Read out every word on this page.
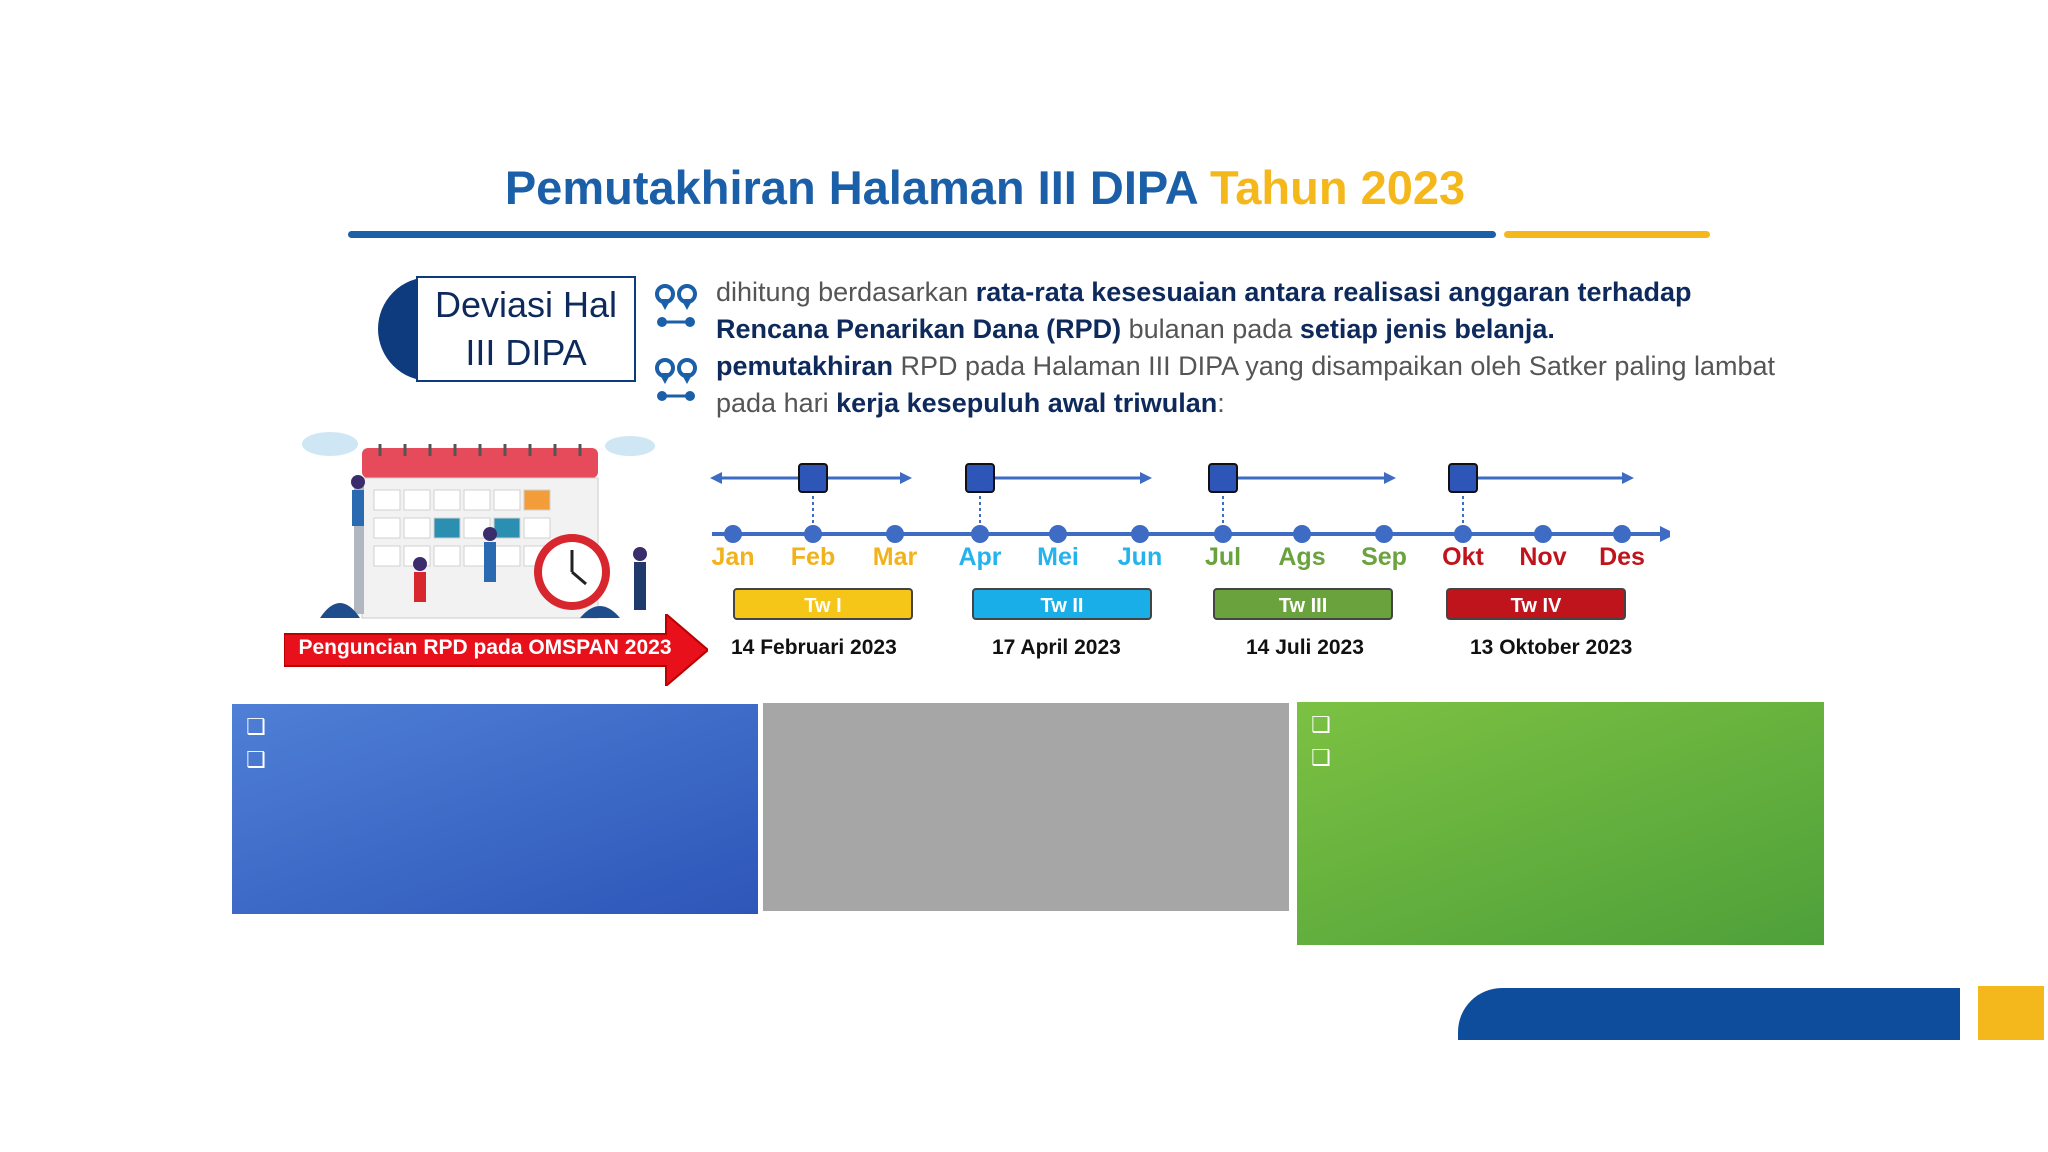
Pemutakhiran Halaman III DIPA Tahun 2023
Deviasi Hal
III DIPA
dihitung berdasarkan rata-rata kesesuaian antara realisasi anggaran terhadap Rencana Penarikan Dana (RPD) bulanan pada setiap jenis belanja.
pemutakhiran RPD pada Halaman III DIPA yang disampaikan oleh Satker paling lambat pada hari kerja kesepuluh awal triwulan:
Penguncian RPD pada OMSPAN 2023
Jan	Feb	Mar	Apr	Mei	Jun	Jul	Ags	Sep	Okt	Nov	Des
Tw I
14 Februari 2023
Tw II
17 April 2023
Tw III
14 Juli 2023
Tw IV
13 Oktober 2023
❑
❑
❑
❑
